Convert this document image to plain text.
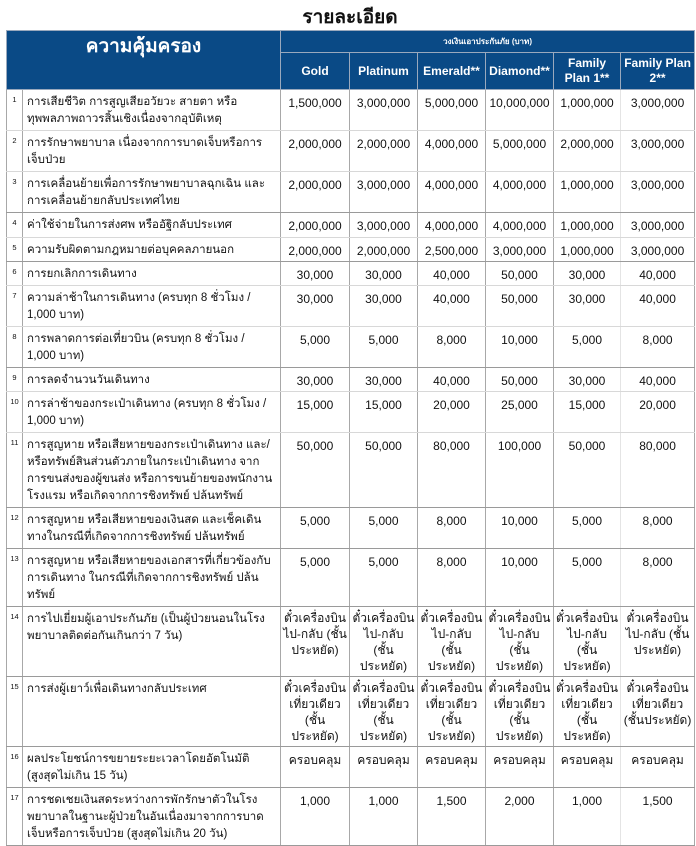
รายละเอียด
ความคุ้มครอง		วงเงินเอาประกันภัย (บาท)					
		Gold	Platinum	Emerald**	Diamond**	Family Plan 1**	Family Plan 2**
1	การเสียชีวิต การสูญเสียอวัยวะ สายตา หรือทุพพลภาพถาวรสิ้นเชิงเนื่องจากอุบัติเหตุ	1,500,000	3,000,000	5,000,000	10,000,000	1,000,000	3,000,000
2	การรักษาพยาบาล เนื่องจากการบาดเจ็บหรือการเจ็บป่วย	2,000,000	2,000,000	4,000,000	5,000,000	2,000,000	3,000,000
3	การเคลื่อนย้ายเพื่อการรักษาพยาบาลฉุกเฉิน และการเคลื่อนย้ายกลับประเทศไทย	2,000,000	3,000,000	4,000,000	4,000,000	1,000,000	3,000,000
4	ค่าใช้จ่ายในการส่งศพ หรืออัฐิกลับประเทศ	2,000,000	3,000,000	4,000,000	4,000,000	1,000,000	3,000,000
5	ความรับผิดตามกฎหมายต่อบุคคลภายนอก	2,000,000	2,000,000	2,500,000	3,000,000	1,000,000	3,000,000
6	การยกเลิกการเดินทาง	30,000	30,000	40,000	50,000	30,000	40,000
7	ความล่าช้าในการเดินทาง (ครบทุก 8 ชั่วโมง / 1,000 บาท)	30,000	30,000	40,000	50,000	30,000	40,000
8	การพลาดการต่อเที่ยวบิน (ครบทุก 8 ชั่วโมง / 1,000 บาท)	5,000	5,000	8,000	10,000	5,000	8,000
9	การลดจำนวนวันเดินทาง	30,000	30,000	40,000	50,000	30,000	40,000
10	การล่าช้าของกระเป๋าเดินทาง (ครบทุก 8 ชั่วโมง / 1,000 บาท)	15,000	15,000	20,000	25,000	15,000	20,000
11	การสูญหาย หรือเสียหายของกระเป๋าเดินทาง และ/หรือทรัพย์สินส่วนตัวภายในกระเป๋าเดินทาง จากการขนส่งของผู้ขนส่ง หรือการขนย้ายของพนักงานโรงแรม หรือเกิดจากการชิงทรัพย์ ปล้นทรัพย์	50,000	50,000	80,000	100,000	50,000	80,000
12	การสูญหาย หรือเสียหายของเงินสด และเช็คเดินทางในกรณีที่เกิดจากการชิงทรัพย์ ปล้นทรัพย์	5,000	5,000	8,000	10,000	5,000	8,000
13	การสูญหาย หรือเสียหายของเอกสารที่เกี่ยวข้องกับการเดินทาง ในกรณีที่เกิดจากการชิงทรัพย์ ปล้นทรัพย์	5,000	5,000	8,000	10,000	5,000	8,000
14	การไปเยี่ยมผู้เอาประกันภัย (เป็นผู้ป่วยนอนในโรงพยาบาลติดต่อกันเกินกว่า 7 วัน)	ตั๋วเครื่องบินไป-กลับ (ชั้นประหยัด)	ตั๋วเครื่องบินไป-กลับ (ชั้นประหยัด)	ตั๋วเครื่องบินไป-กลับ (ชั้นประหยัด)	ตั๋วเครื่องบินไป-กลับ (ชั้นประหยัด)	ตั๋วเครื่องบินไป-กลับ (ชั้นประหยัด)	ตั๋วเครื่องบินไป-กลับ (ชั้นประหยัด)
15	การส่งผู้เยาว์เพื่อเดินทางกลับประเทศ	ตั๋วเครื่องบินเที่ยวเดียว (ชั้นประหยัด)	ตั๋วเครื่องบินเที่ยวเดียว (ชั้นประหยัด)	ตั๋วเครื่องบินเที่ยวเดียว (ชั้นประหยัด)	ตั๋วเครื่องบินเที่ยวเดียว (ชั้นประหยัด)	ตั๋วเครื่องบินเที่ยวเดียว (ชั้นประหยัด)	ตั๋วเครื่องบินเที่ยวเดียว (ชั้นประหยัด)
16	ผลประโยชน์การขยายระยะเวลาโดยอัตโนมัติ (สูงสุดไม่เกิน 15 วัน)	ครอบคลุม	ครอบคลุม	ครอบคลุม	ครอบคลุม	ครอบคลุม	ครอบคลุม
17	การชดเชยเงินสดระหว่างการพักรักษาตัวในโรงพยาบาลในฐานะผู้ป่วยในอันเนื่องมาจากการบาดเจ็บหรือการเจ็บป่วย (สูงสุดไม่เกิน 20 วัน)	1,000	1,000	1,500	2,000	1,000	1,500
